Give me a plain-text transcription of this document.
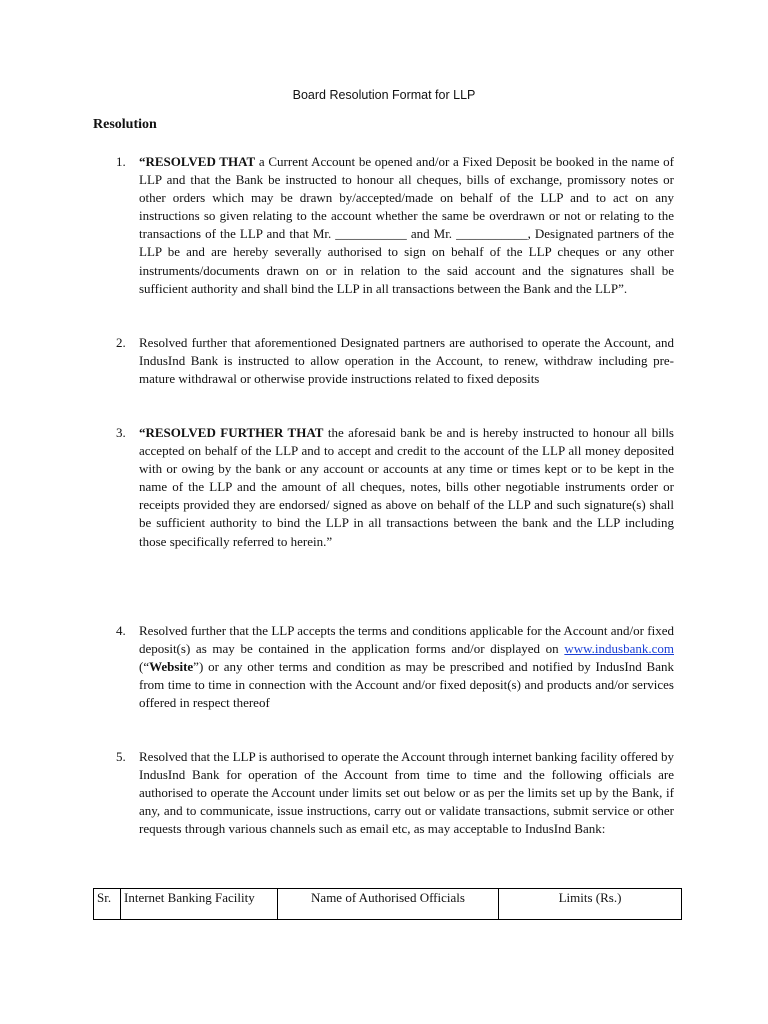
Board Resolution Format for LLP
Resolution
1. “RESOLVED THAT a Current Account be opened and/or a Fixed Deposit be booked in the name of LLP and that the Bank be instructed to honour all cheques, bills of exchange, promissory notes or other orders which may be drawn by/accepted/made on behalf of the LLP and to act on any instructions so given relating to the account whether the same be overdrawn or not or relating to the transactions of the LLP and that Mr. ___________ and Mr. ___________, Designated partners of the LLP be and are hereby severally authorised to sign on behalf of the LLP cheques or any other instruments/documents drawn on or in relation to the said account and the signatures shall be sufficient authority and shall bind the LLP in all transactions between the Bank and the LLP”.
2. Resolved further that aforementioned Designated partners are authorised to operate the Account, and IndusInd Bank is instructed to allow operation in the Account, to renew, withdraw including pre-mature withdrawal or otherwise provide instructions related to fixed deposits
3. “RESOLVED FURTHER THAT the aforesaid bank be and is hereby instructed to honour all bills accepted on behalf of the LLP and to accept and credit to the account of the LLP all money deposited with or owing by the bank or any account or accounts at any time or times kept or to be kept in the name of the LLP and the amount of all cheques, notes, bills other negotiable instruments order or receipts provided they are endorsed/ signed as above on behalf of the LLP and such signature(s) shall be sufficient authority to bind the LLP in all transactions between the bank and the LLP including those specifically referred to herein.”
4. Resolved further that the LLP accepts the terms and conditions applicable for the Account and/or fixed deposit(s) as may be contained in the application forms and/or displayed on www.indusbank.com (“Website”) or any other terms and condition as may be prescribed and notified by IndusInd Bank from time to time in connection with the Account and/or fixed deposit(s) and products and/or services offered in respect thereof
5. Resolved that the LLP is authorised to operate the Account through internet banking facility offered by IndusInd Bank for operation of the Account from time to time and the following officials are authorised to operate the Account under limits set out below or as per the limits set up by the Bank, if any, and to communicate, issue instructions, carry out or validate transactions, submit service or other requests through various channels such as email etc, as may acceptable to IndusInd Bank:
Sr.	Internet Banking Facility	Name of Authorised Officials	Limits (Rs.)
